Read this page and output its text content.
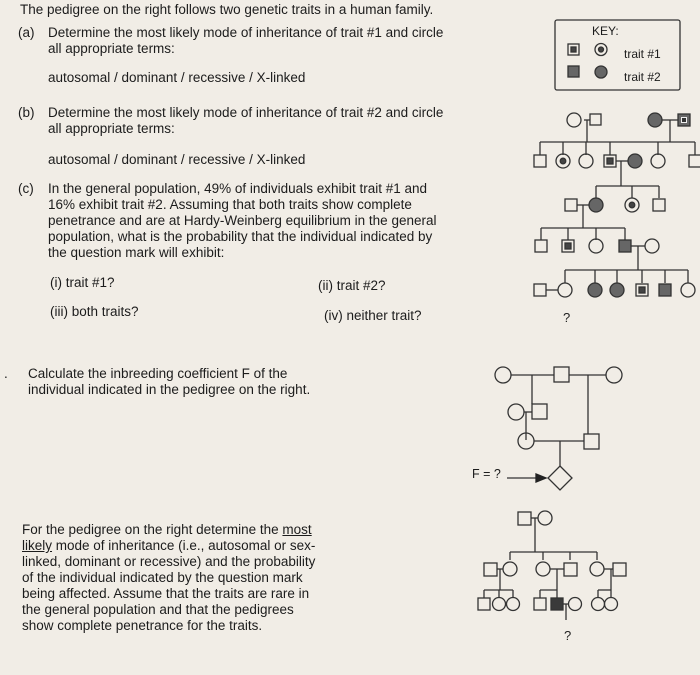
The pedigree on the right follows two genetic traits in a human family.
(a) Determine the most likely mode of inheritance of trait #1 and circle
all appropriate terms:
autosomal / dominant / recessive / X-linked
(b) Determine the most likely mode of inheritance of trait #2 and circle
all appropriate terms:
autosomal / dominant / recessive / X-linked
(c) In the general population, 49% of individuals exhibit trait #1 and
16% exhibit trait #2. Assuming that both traits show complete
penetrance and are at Hardy-Weinberg equilibrium in the general
population, what is the probability that the individual indicated by
the question mark will exhibit:
(i) trait #1?	(ii) trait #2?
(iii) both traits?	(iv) neither trait?
KEY:
trait #1
trait #2
. Calculate the inbreeding coefficient F of the
individual indicated in the pedigree on the right.
F = ?
For the pedigree on the right determine the most
likely mode of inheritance (i.e., autosomal or sex-
linked, dominant or recessive) and the probability
of the individual indicated by the question mark
being affected. Assume that the traits are rare in
the general population and that the pedigrees
show complete penetrance for the traits.
?
?
